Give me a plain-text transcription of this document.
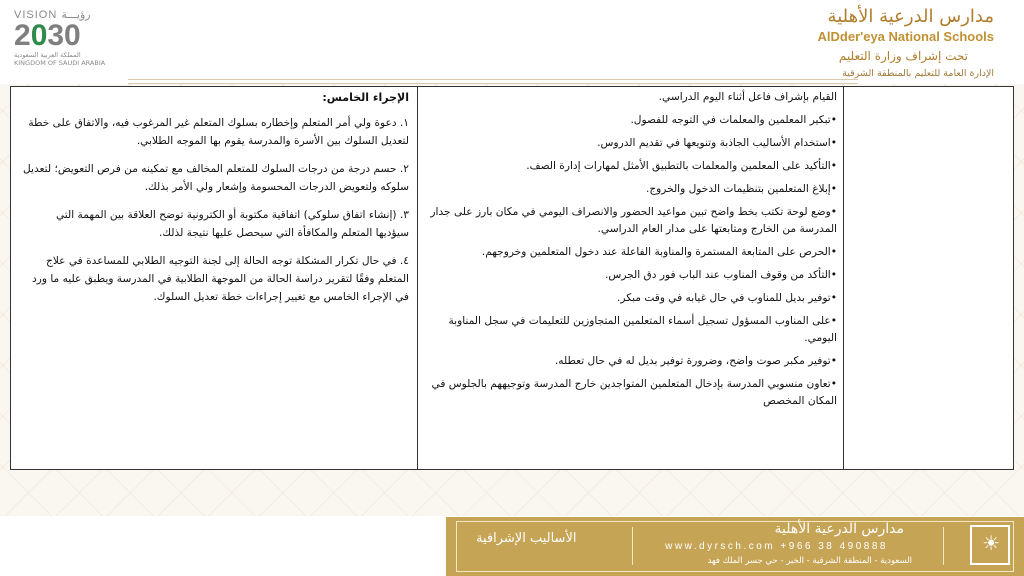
VISION رؤيـــة
2030
المملكة العربية السعودية
KINGDOM OF SAUDI ARABIA
مدارس الدرعية الأهلية
AlDder'eya National Schools
تحت إشراف وزارة التعليم
الإدارة العامة للتعليم بالمنطقة الشرقية

القيام بإشراف فاعل أثناء اليوم الدراسي.

•تبكير المعلمين والمعلمات في التوجه للفصول.

•استخدام الأساليب الجاذبة وتنويعها في تقديم الدروس.

•التأكيد على المعلمين والمعلمات بالتطبيق الأمثل لمهارات إدارة الصف.

•إبلاغ المتعلمين بتنظيمات الدخول والخروج.

•وضع لوحة تكتب بخط واضح تبين مواعيد الحضور والانصراف اليومي في مكان بارز على جدار المدرسة من الخارج ومتابعتها على مدار العام الدراسي.

•الحرص على المتابعة المستمرة والمناوبة الفاعلة عند دخول المتعلمين وخروجهم.

•التأكد من وقوف المناوب عند الباب فور دق الجرس.

•توفير بديل للمناوب في حال غيابه في وقت مبكر.

•على المناوب المسؤول تسجيل أسماء المتعلمين المتجاوزين للتعليمات في سجل المناوبة اليومي.

•توفير مكبر صوت واضح، وضرورة توفير بديل له في حال تعطله.

•تعاون منسوبي المدرسة بإدخال المتعلمين المتواجدين خارج المدرسة وتوجيههم بالجلوس في المكان المخصص

الإجراء الخامس:

١. دعوة ولي أمر المتعلم وإخطاره بسلوك المتعلم غير المرغوب فيه، والاتفاق على خطة لتعديل السلوك بين الأسرة والمدرسة يقوم بها الموجه الطلابي.

٢. حسم درجة من درجات السلوك للمتعلم المخالف مع تمكينه من فرص التعويض؛ لتعديل سلوكه ولتعويض الدرجات المحسومة وإشعار ولي الأمر بذلك.

٣. (إنشاء اتفاق سلوكي) اتفاقية مكتوبة أو الكترونية توضح العلاقة بين المهمة التي سيؤديها المتعلم والمكافأة التي سيحصل عليها نتيجة لذلك.

٤. في حال تكرار المشكلة توجه الحالة إلى لجنة التوجيه الطلابي للمساعدة في علاج المتعلم وفقًا لتقرير دراسة الحالة من الموجهة الطلابية في المدرسة ويطبق عليه ما ورد في الإجراء الخامس مع تغيير إجراءات خطة تعديل السلوك.

☀
مدارس الدرعية الأهلية
www.dyrsch.com +966 38 490888
السعودية - المنطقة الشرقية - الخبر - حي جسر الملك فهد
الأساليب الإشرافية
